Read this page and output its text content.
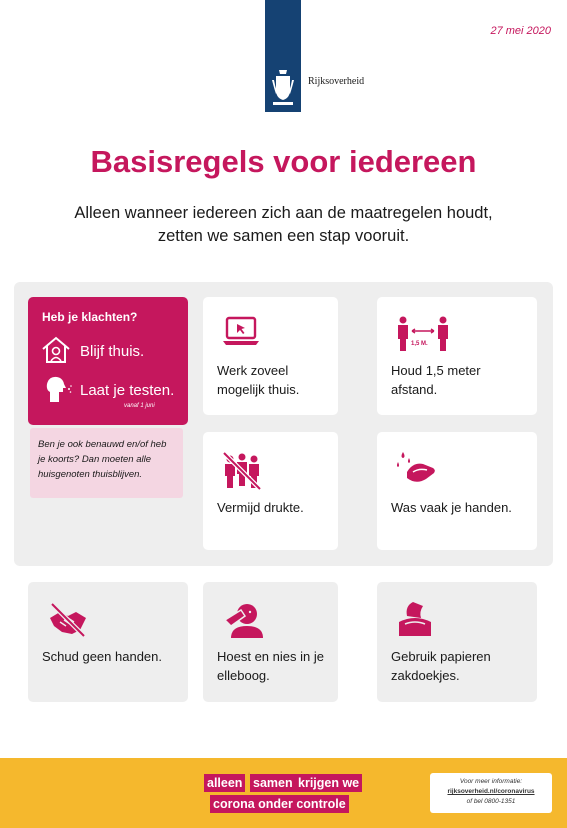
27 mei 2020
Rijksoverheid
Basisregels voor iedereen
Alleen wanneer iedereen zich aan de maatregelen houdt,
zetten we samen een stap vooruit.
Heb je klachten?
Blijf thuis.
Laat je testen.
vanaf 1 juni
Ben je ook benauwd en/of heb je koorts? Dan moeten alle huisgenoten thuisblijven.
Werk zoveel mogelijk thuis.
1,5 M.
Houd 1,5 meter afstand.
Vermijd drukte.	Was vaak je handen.
Schud geen handen.	Hoest en nies in je elleboog.
Gebruik papieren zakdoekjes.
alleen samen krijgen we
corona onder controle
Voor meer informatie:
rijksoverheid.nl/coronavirus
of bel 0800-1351
